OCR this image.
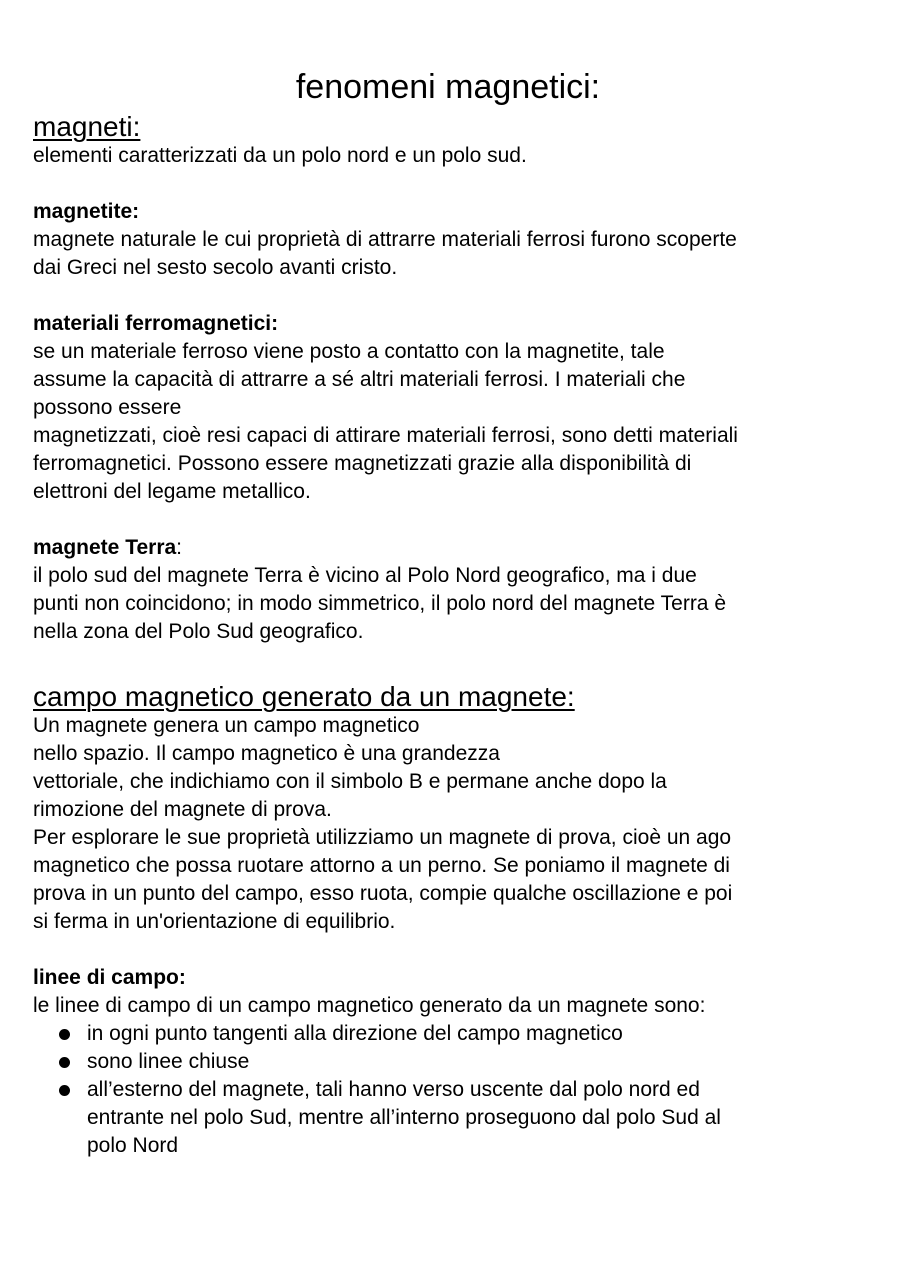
fenomeni magnetici:
magneti:
elementi caratterizzati da un polo nord e un polo sud.
magnetite:
magnete naturale le cui proprietà di attrarre materiali ferrosi furono scoperte
dai Greci nel sesto secolo avanti cristo.
materiali ferromagnetici:
se un materiale ferroso viene posto a contatto con la magnetite, tale
assume la capacità di attrarre a sé altri materiali ferrosi. I materiali che
possono essere
magnetizzati, cioè resi capaci di attirare materiali ferrosi, sono detti materiali
ferromagnetici. Possono essere magnetizzati grazie alla disponibilità di
elettroni del legame metallico.
magnete Terra:
il polo sud del magnete Terra è vicino al Polo Nord geografico, ma i due
punti non coincidono; in modo simmetrico, il polo nord del magnete Terra è
nella zona del Polo Sud geografico.
campo magnetico generato da un magnete:
Un magnete genera un campo magnetico
nello spazio. Il campo magnetico è una grandezza
vettoriale, che indichiamo con il simbolo B e permane anche dopo la
rimozione del magnete di prova.
Per esplorare le sue proprietà utilizziamo un magnete di prova, cioè un ago
magnetico che possa ruotare attorno a un perno. Se poniamo il magnete di
prova in un punto del campo, esso ruota, compie qualche oscillazione e poi
si ferma in un'orientazione di equilibrio.
linee di campo:
le linee di campo di un campo magnetico generato da un magnete sono:
in ogni punto tangenti alla direzione del campo magnetico
sono linee chiuse
all’esterno del magnete, tali hanno verso uscente dal polo nord ed
entrante nel polo Sud, mentre all’interno proseguono dal polo Sud al
polo Nord
